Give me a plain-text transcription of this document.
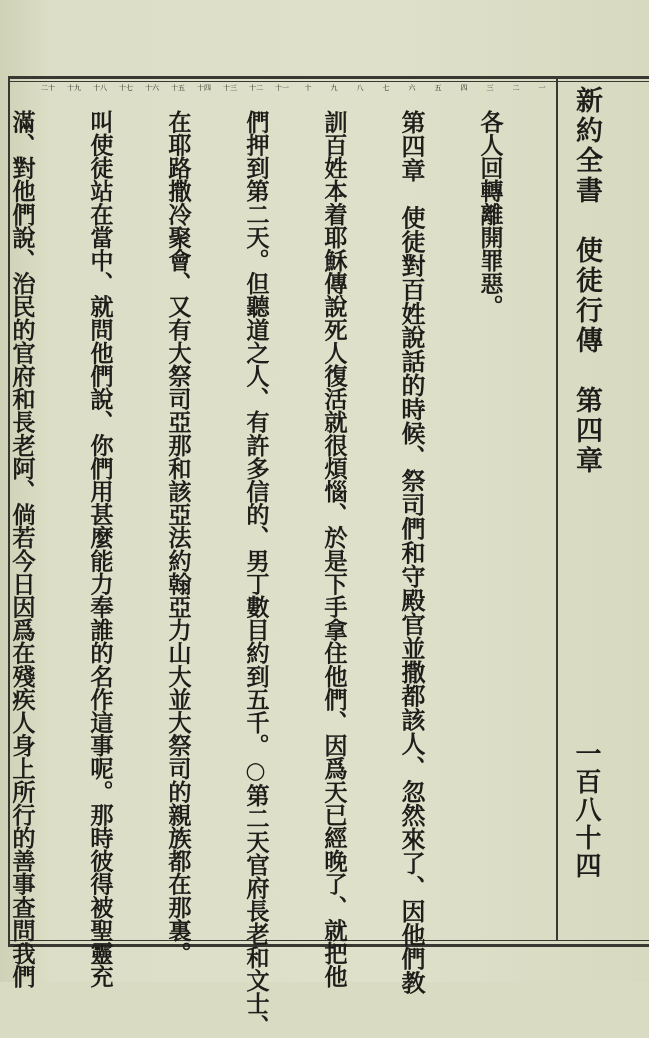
新約全書　使徒行傳　第四章
一百八十四
一
二
三
四
五
六
七
八
九
十
十一
十二
十三
十四
十五
十六
十七
十八
十九
二十

各人回轉離開罪惡。

第四章　使徒對百姓說話的時候、祭司們和守殿官並撒都該人、忽然來了、因他們教

訓百姓本着耶穌傳說死人復活就很煩惱、於是下手拿住他們、因爲天已經晚了、就把他

們押到第二天。但聽道之人、有許多信的、男丁數目約到五千。○第二天官府長老和文士、

在耶路撒冷聚會、又有大祭司亞那和該亞法約翰亞力山大並大祭司的親族都在那裏。

叫使徒站在當中、就問他們說、你們用甚麼能力奉誰的名作這事呢。那時彼得被聖靈充

滿、對他們說、治民的官府和長老阿、倘若今日因爲在殘疾人身上所行的善事查問我們
